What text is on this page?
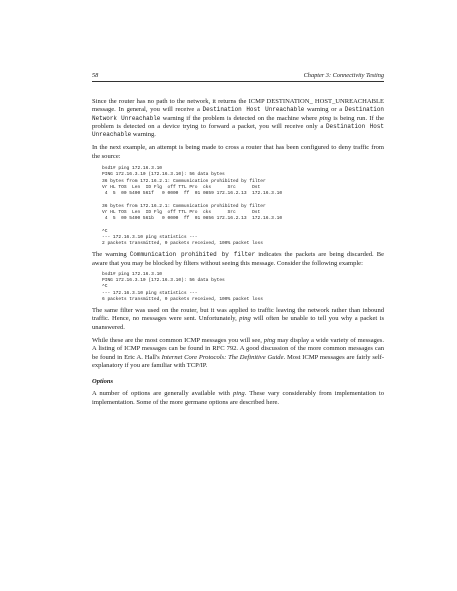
58	Chapter 3: Connectivity Testing

Since the router has no path to the network, it returns the ICMP DESTINATION_ HOST_UNREACHABLE message. In general, you will receive a Destination Host Unreachable warning or a Destination Network Unreachable warning if the problem is detected on the machine where ping is being run. If the problem is detected on a device trying to forward a packet, you will receive only a Destination Host Unreachable warning.

In the next example, an attempt is being made to cross a router that has been configured to deny traffic from the source:

bsd1# ping 172.16.3.10
PING 172.16.3.10 (172.16.3.10): 56 data bytes
36 bytes from 172.16.2.1: Communication prohibited by filter
Vr HL TOS  Len  ID Flg  off TTL Pro  cks      Src      Dst
4  5  00 5400 561f   0 0000  ff  01 0859 172.16.2.13  172.16.3.10

36 bytes from 172.16.2.1: Communication prohibited by filter
Vr HL TOS  Len  ID Flg  off TTL Pro  cks      Src      Dst
4  5  00 5400 561b   0 0000  ff  01 0856 172.16.2.13  172.16.3.10

^C
--- 172.16.3.10 ping statistics ---
2 packets transmitted, 0 packets received, 100% packet loss

The warning Communication prohibited by filter indicates the packets are being discarded. Be aware that you may be blocked by filters without seeing this message. Consider the following example:

bsd1# ping 172.16.3.10
PING 172.16.3.10 (172.16.3.10): 56 data bytes
^C
--- 172.16.3.10 ping statistics ---
6 packets transmitted, 0 packets received, 100% packet loss

The same filter was used on the router, but it was applied to traffic leaving the network rather than inbound traffic. Hence, no messages were sent. Unfortunately, ping will often be unable to tell you why a packet is unanswered.

While these are the most common ICMP messages you will see, ping may display a wide variety of messages. A listing of ICMP messages can be found in RFC 792. A good discussion of the more common messages can be found in Eric A. Hall's Internet Core Protocols: The Definitive Guide. Most ICMP messages are fairly self-explanatory if you are familiar with TCP/IP.

Options

A number of options are generally available with ping. These vary considerably from implementation to implementation. Some of the more germane options are described here.
